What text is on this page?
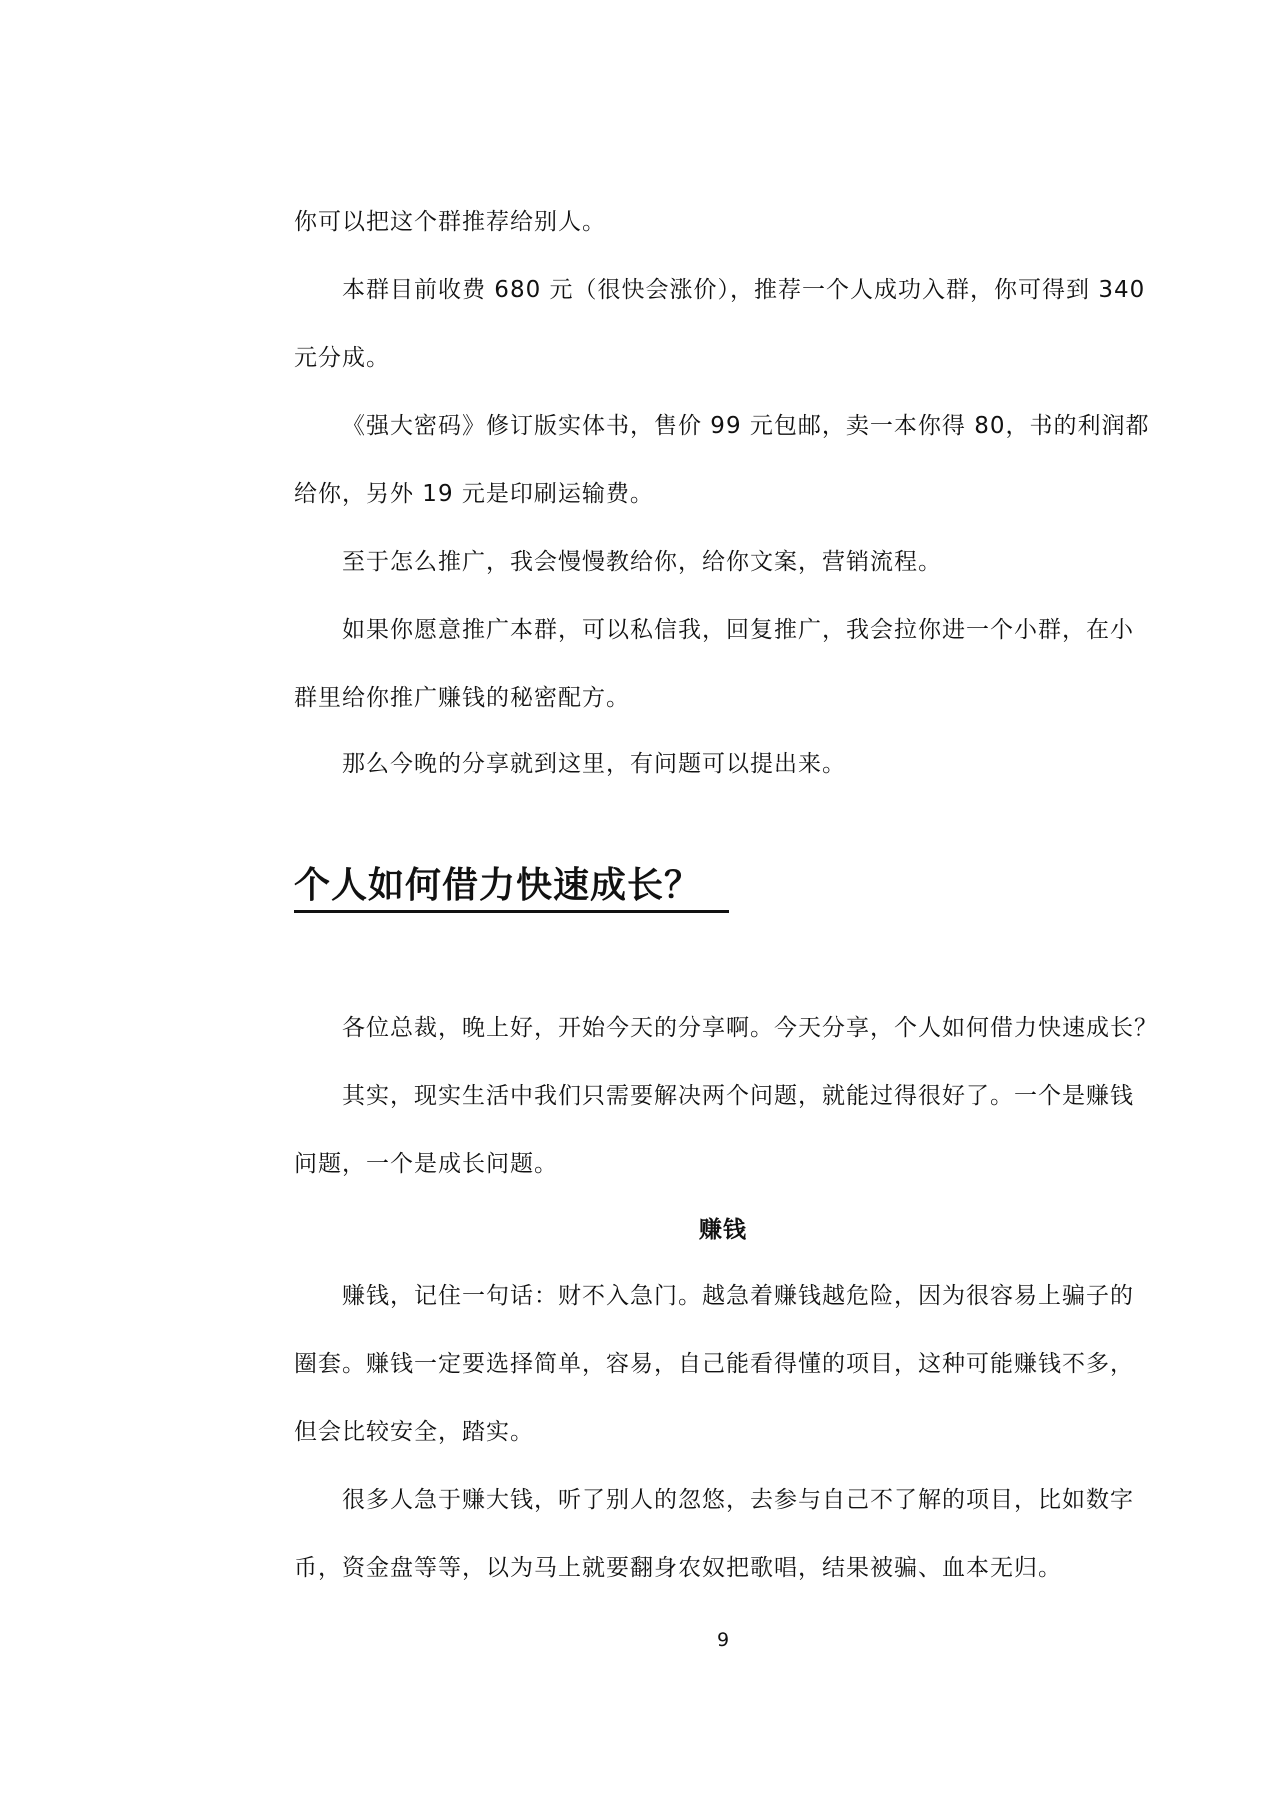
你可以把这个群推荐给别人。
本群目前收费 680 元（很快会涨价），推荐一个人成功入群，你可得到 340
元分成。
《强大密码》修订版实体书，售价 99 元包邮，卖一本你得 80，书的利润都
给你，另外 19 元是印刷运输费。
至于怎么推广，我会慢慢教给你，给你文案，营销流程。
如果你愿意推广本群，可以私信我，回复推广，我会拉你进一个小群，在小
群里给你推广赚钱的秘密配方。
那么今晚的分享就到这里，有问题可以提出来。
个人如何借力快速成长？
各位总裁，晚上好，开始今天的分享啊。今天分享，个人如何借力快速成长？
其实，现实生活中我们只需要解决两个问题，就能过得很好了。一个是赚钱
问题，一个是成长问题。
赚钱
赚钱，记住一句话：财不入急门。越急着赚钱越危险，因为很容易上骗子的
圈套。赚钱一定要选择简单，容易，自己能看得懂的项目，这种可能赚钱不多，
但会比较安全，踏实。
很多人急于赚大钱，听了别人的忽悠，去参与自己不了解的项目，比如数字
币，资金盘等等，以为马上就要翻身农奴把歌唱，结果被骗、血本无归。
9
